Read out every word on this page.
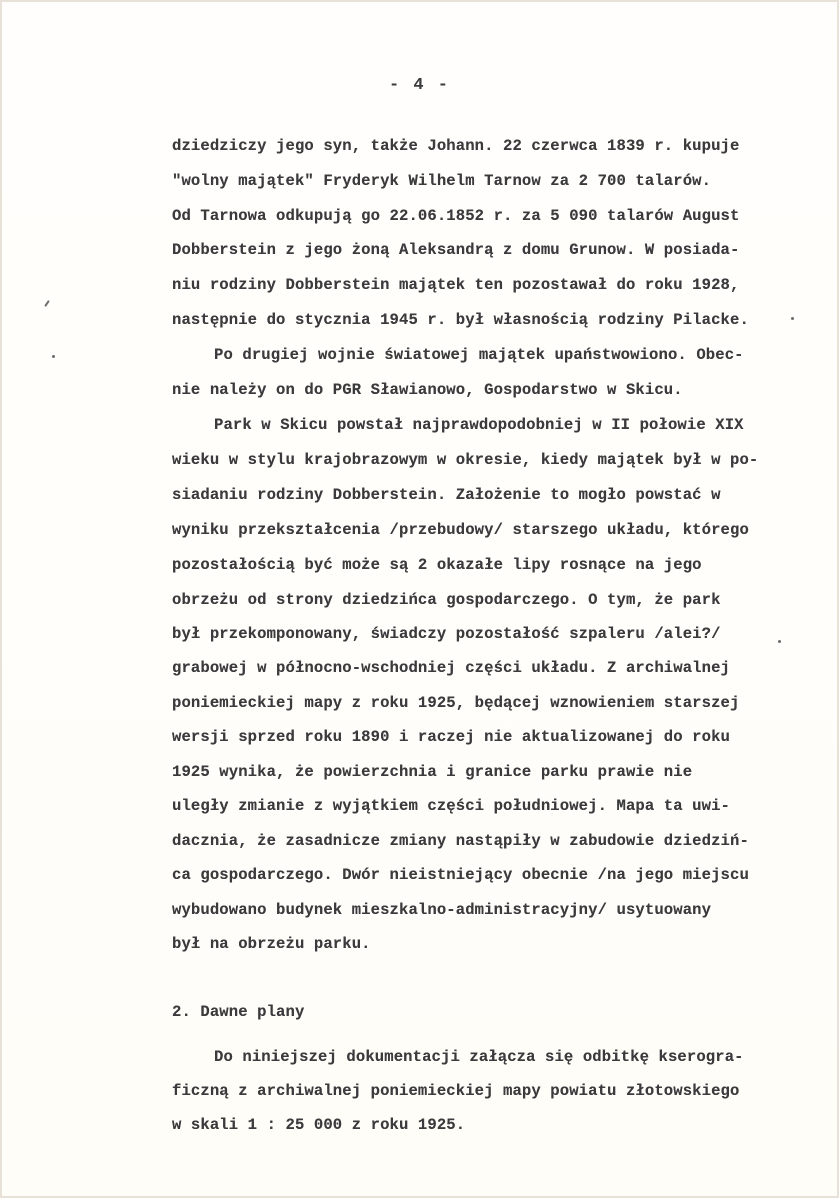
- 4 -
dziedziczy jego syn, także Johann. 22 czerwca 1839 r. kupuje
"wolny majątek" Fryderyk Wilhelm Tarnow za 2 700 talarów.
Od Tarnowa odkupują go 22.06.1852 r. za 5 090 talarów August
Dobberstein z jego żoną Aleksandrą z domu Grunow. W posiada-
niu rodziny Dobberstein majątek ten pozostawał do roku 1928,
następnie do stycznia 1945 r. był własnością rodziny Pilacke.
Po drugiej wojnie światowej majątek upaństwowiono. Obec-
nie należy on do PGR Sławianowo, Gospodarstwo w Skicu.
Park w Skicu powstał najprawdopodobniej w II połowie XIX
wieku w stylu krajobrazowym w okresie, kiedy majątek był w po-
siadaniu rodziny Dobberstein. Założenie to mogło powstać w
wyniku przekształcenia /przebudowy/ starszego układu, którego
pozostałością być może są 2 okazałe lipy rosnące na jego
obrzeżu od strony dziedzińca gospodarczego. O tym, że park
był przekomponowany, świadczy pozostałość szpaleru /alei?/
grabowej w północno-wschodniej części układu. Z archiwalnej
poniemieckiej mapy z roku 1925, będącej wznowieniem starszej
wersji sprzed roku 1890 i raczej nie aktualizowanej do roku
1925 wynika, że powierzchnia i granice parku prawie nie
uległy zmianie z wyjątkiem części południowej. Mapa ta uwi-
dacznia, że zasadnicze zmiany nastąpiły w zabudowie dziedziń-
ca gospodarczego. Dwór nieistniejący obecnie /na jego miejscu
wybudowano budynek mieszkalno-administracyjny/ usytuowany
był na obrzeżu parku.
2. Dawne plany
Do niniejszej dokumentacji załącza się odbitkę kserogra-
ficzną z archiwalnej poniemieckiej mapy powiatu złotowskiego
w skali 1 : 25 000 z roku 1925.
